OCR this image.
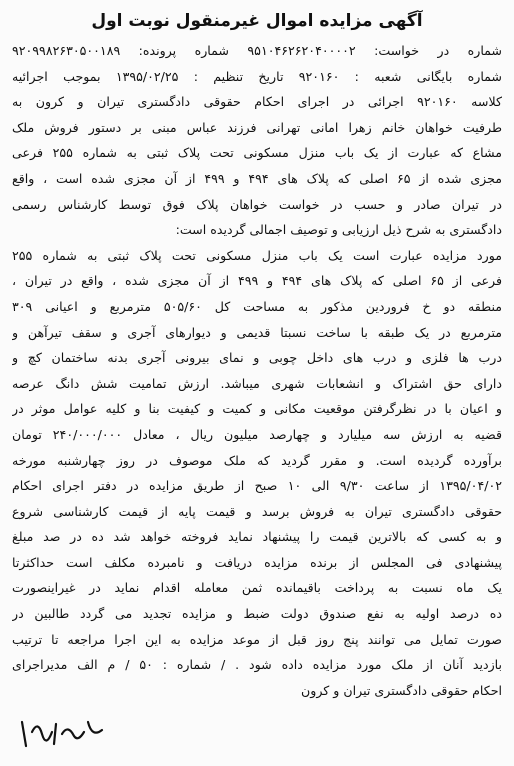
آگهی مزایده اموال غیرمنقول نوبت اول
شماره در خواست: ۹۵۱۰۴۶۲۶۲۰۴۰۰۰۰۲ شماره پرونده: ۹۲۰۹۹۸۲۶۳۰۵۰۰۱۸۹
شماره بایگانی شعبه : ۹۲۰۱۶۰ تاریخ تنظیم : ۱۳۹۵/۰۲/۲۵ بموجب اجرائیه
کلاسه ۹۲۰۱۶۰ اجرائی در اجرای احکام حقوقی دادگستری تیران و کرون به
طرفیت خواهان خانم زهرا امانی تهرانی فرزند عباس مبنی بر دستور فروش ملک
مشاع که عبارت از یک باب منزل مسکونی تحت پلاک ثبتی به شماره ۲۵۵ فرعی
مجزی شده از ۶۵ اصلی که پلاک های ۴۹۴ و ۴۹۹ از آن مجزی شده است ، واقع
در تیران صادر و حسب در خواست خواهان پلاک فوق توسط کارشناس رسمی
دادگستری به شرح ذیل ارزیابی و توصیف اجمالی گردیده است:
مورد مزایده عبارت است یک باب منزل مسکونی تحت پلاک ثبتی به شماره ۲۵۵
فرعی از ۶۵ اصلی که پلاک های ۴۹۴ و ۴۹۹ از آن مجزی شده ، واقع در تیران ،
منطقه دو خ فروردین مذکور به مساحت کل ۵۰۵/۶۰ مترمربع و اعیانی ۳۰۹
مترمربع در یک طبقه با ساخت نسبتا قدیمی و دیوارهای آجری و سقف تیرآهن و
درب ها فلزی و درب های داخل چوبی و نمای بیرونی آجری بدنه ساختمان کچ و
دارای حق اشتراک و انشعابات شهری میباشد. ارزش تمامیت شش دانگ عرصه
و اعیان با در نظرگرفتن موقعیت مکانی و کمیت و کیفیت بنا و کلیه عوامل موثر در
قضیه به ارزش سه میلیارد و چهارصد میلیون ریال ، معادل ۲۴۰/۰۰۰/۰۰۰ تومان
برآورده گردیده است. و مقرر گردید که ملک موصوف در روز چهارشنبه مورخه
۱۳۹۵/۰۴/۰۲ از ساعت ۹/۳۰ الی ۱۰ صبح از طریق مزایده در دفتر اجرای احکام
حقوقی دادگستری تیران به فروش برسد و قیمت پایه از قیمت کارشناسی شروع
و به کسی که بالاترین قیمت را پیشنهاد نماید فروخته خواهد شد ده در صد مبلغ
پیشنهادی فی المجلس از برنده مزایده دریافت و نامبرده مکلف است حداکثرتا
یک ماه نسبت به پرداخت باقیمانده ثمن معامله اقدام نماید در غیراینصورت
ده درصد اولیه به نفع صندوق دولت ضبط و مزایده تجدید می گردد طالبین در
صورت تمایل می توانند پنج روز قبل از موعد مزایده به این اجرا مراجعه تا ترتیب
بازدید آنان از ملک مورد مزایده داده شود . / شماره : ۵۰ / م الف مدیراجرای
احکام حقوقی دادگستری تیران و کرون
